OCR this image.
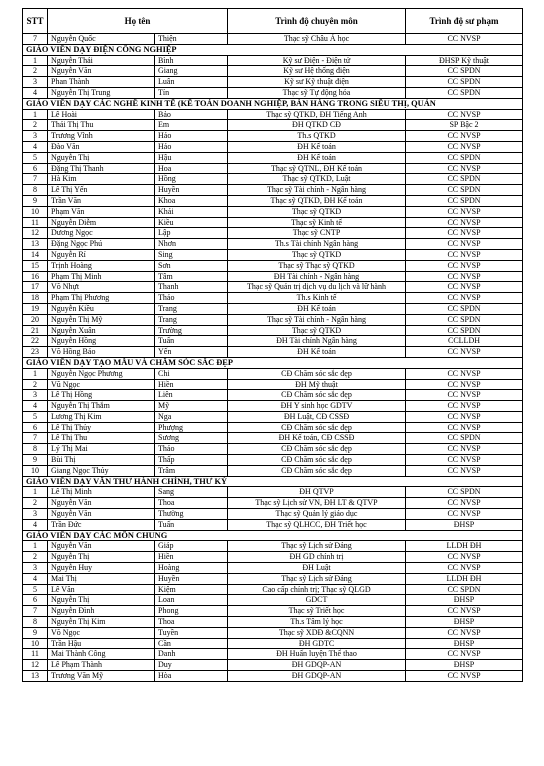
STT	Họ tên		Trình độ chuyên môn	Trình độ sư phạm
7	Nguyễn Quốc	Thiện	Thạc sỹ Châu Á học	CC NVSP
GIÁO VIÊN DẠY ĐIỆN CÔNG NGHIỆP				
1	Nguyễn Thái	Bình	Kỹ sư Điện - Điện tử	ĐHSP Kỹ thuật
2	Nguyễn Văn	Giang	Kỹ sư Hệ thống điện	CC SPDN
3	Phan Thành	Luân	Kỹ sư Kỹ thuật điện	CC SPDN
4	Nguyễn Thị Trung	Tín	Thạc sỹ Tự động hóa	CC SPDN
GIÁO VIÊN DẠY CÁC NGHỀ KINH TẾ (KẾ TOÁN DOANH NGHIỆP, BÁN HÀNG TRONG SIÊU THỊ, QUẢN				
1	Lê Hoài	Bảo	Thạc sỹ QTKD, ĐH Tiếng Anh	CC NVSP
2	Thái Thị Thu	Em	ĐH QTKD CĐ	SP Bậc 2
3	Trương Vĩnh	Hảo	Th.s QTKD	CC NVSP
4	Đào Văn	Hảo	ĐH Kế toán	CC NVSP
5	Nguyễn Thị	Hậu	ĐH Kế toán	CC SPDN
6	Đặng Thị Thanh	Hoa	Thạc sỹ QTNL, ĐH Kế toán	CC NVSP
7	Hà Kim	Hồng	Thạc sỹ QTKD, Luật	CC SPDN
8	Lê Thị Yến	Huyền	Thạc sỹ Tài chính - Ngân hàng	CC SPDN
9	Trần Văn	Khoa	Thạc sỹ QTKD, ĐH Kế toán	CC SPDN
10	Phạm Văn	Khải	Thạc sỹ QTKD	CC NVSP
11	Nguyễn Diễm	Kiều	Thạc sỹ Kinh tế	CC NVSP
12	Dương Ngọc	Lập	Thạc sỹ CNTP	CC NVSP
13	Đặng Ngọc Phú	Nhơn	Th.s Tài chính Ngân hàng	CC NVSP
14	Nguyễn Rí	Sing	Thạc sỹ QTKD	CC NVSP
15	Trịnh Hoàng	Sơn	Thạc sỹ Thạc sỹ QTKD	CC NVSP
16	Phạm Thị Minh	Tâm	ĐH Tài chính - Ngân hàng	CC NVSP
17	Võ Nhựt	Thanh	Thạc sỹ Quản trị dịch vụ du lịch và lữ hành	CC NVSP
18	Phạm Thị Phương	Thảo	Th.s Kinh tế	CC NVSP
19	Nguyễn Kiều	Trang	ĐH Kế toán	CC SPDN
20	Nguyễn Thị Mỹ	Trang	Thạc sỹ Tài chính - Ngân hàng	CC SPDN
21	Nguyễn Xuân	Trường	Thạc sỹ QTKD	CC SPDN
22	Nguyễn Hồng	Tuấn	ĐH Tài chính Ngân hàng	CCLLDH
23	Võ Hồng Bảo	Yến	ĐH Kế toán	CC NVSP
GIÁO VIÊN DẠY TẠO MẪU VÀ CHĂM SÓC SẮC ĐẸP				
1	Nguyễn Ngọc Phương	Chi	CĐ Chăm sóc sắc đẹp	CC NVSP
2	Vũ Ngọc	Hiền	ĐH Mỹ thuật	CC NVSP
3	Lê Thị Hồng	Liên	CĐ Chăm sóc sắc đẹp	CC NVSP
4	Nguyễn Thị Thắm	Mỹ	ĐH Y sinh học GDTV	CC NVSP
5	Lương Thị Kim	Nga	ĐH Luật, CĐ CSSĐ	CC NVSP
6	Lê Thị Thủy	Phượng	CĐ Chăm sóc sắc đẹp	CC NVSP
7	Lê Thị Thu	Sương	ĐH Kế toán, CĐ CSSĐ	CC SPDN
8	Lý Thị Mai	Thảo	CĐ Chăm sóc sắc đẹp	CC NVSP
9	Bùi Thị	Thấp	CĐ Chăm sóc sắc đẹp	CC NVSP
10	Giang Ngọc Thủy	Trâm	CĐ Chăm sóc sắc đẹp	CC NVSP
GIÁO VIÊN DẠY VĂN THƯ HÀNH CHÍNH, THƯ KÝ				
1	Lê Thị Minh	Sang	ĐH QTVP	CC SPDN
2	Nguyễn Văn	Thoa	Thạc sỹ Lịch sử VN, ĐH LT & QTVP	CC NVSP
3	Nguyễn Văn	Thường	Thạc sỹ Quản lý giáo dục	CC NVSP
4	Trần Đức	Tuấn	Thạc sỹ QLHCC, ĐH Triết học	ĐHSP
GIÁO VIÊN DẠY CÁC MÔN CHUNG				
1	Nguyễn Văn	Giáp	Thạc sỹ Lịch sử Đảng	LLDH ĐH
2	Nguyễn Thị	Hiền	ĐH GD chính trị	CC NVSP
3	Nguyễn Huy	Hoàng	ĐH Luật	CC NVSP
4	Mai Thị	Huyền	Thạc sỹ Lịch sử Đảng	LLDH ĐH
5	Lê Văn	Kiệm	Cao cấp chính trị; Thạc sỹ QLGD	CC SPDN
6	Nguyễn Thị	Loan	GDCT	ĐHSP
7	Nguyễn Đình	Phong	Thạc sỹ Triết học	CC NVSP
8	Nguyễn Thị Kim	Thoa	Th.s Tâm lý học	ĐHSP
9	Võ Ngọc	Tuyền	Thạc sỹ XDĐ &CQNN	CC NVSP
10	Trần Hậu	Cần	ĐH GDTC	ĐHSP
11	Mai Thành Công	Danh	ĐH Huấn luyện Thể thao	CC NVSP
12	Lê Phạm Thành	Duy	ĐH GDQP-AN	ĐHSP
13	Trương Văn Mỹ	Hòa	ĐH GDQP-AN	CC NVSP
